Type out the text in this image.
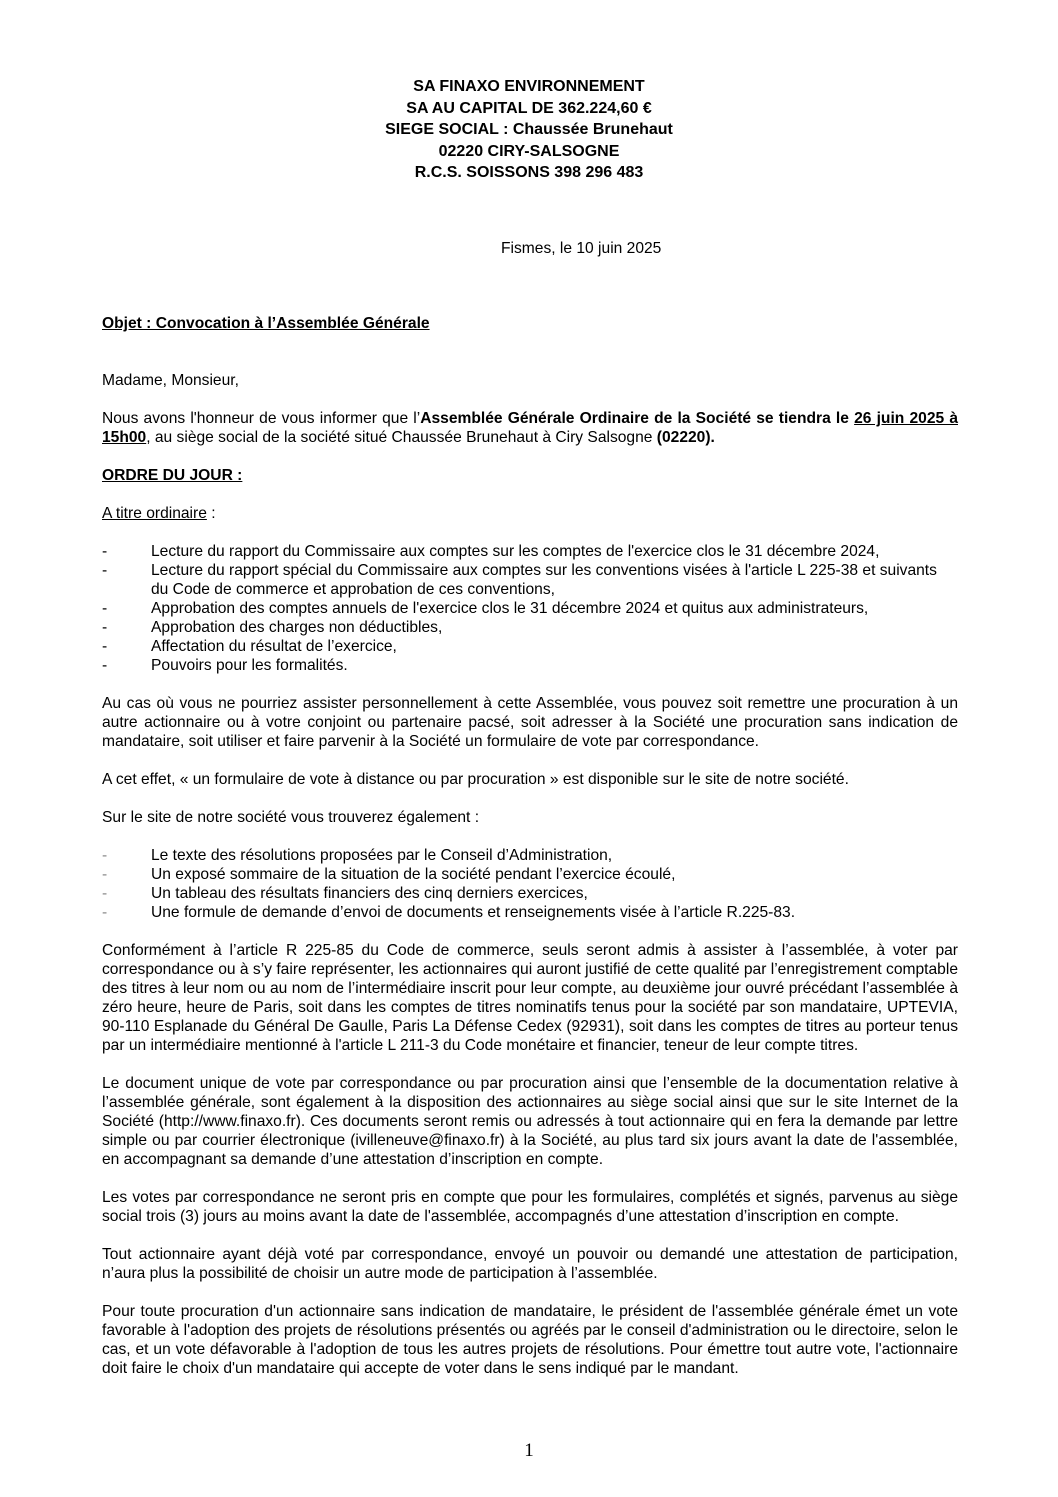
SA FINAXO ENVIRONNEMENT
SA AU CAPITAL DE 362.224,60 €
SIEGE SOCIAL : Chaussée Brunehaut
02220 CIRY-SALSOGNE
R.C.S. SOISSONS 398 296 483
Fismes, le 10 juin 2025

Objet : Convocation à l’Assemblée Générale

Madame, Monsieur,

Nous avons l'honneur de vous informer que l’Assemblée Générale Ordinaire de la Société se tiendra le 26 juin 2025 à 15h00, au siège social de la société situé Chaussée Brunehaut à Ciry Salsogne (02220).

ORDRE DU JOUR :

A titre ordinaire :

-	Lecture du rapport du Commissaire aux comptes sur les comptes de l'exercice clos le 31 décembre 2024,
-	Lecture du rapport spécial du Commissaire aux comptes sur les conventions visées à l'article L 225-38 et suivants du Code de commerce et approbation de ces conventions,
-	Approbation des comptes annuels de l'exercice clos le 31 décembre 2024 et quitus aux administrateurs,
-	Approbation des charges non déductibles,
-	Affectation du résultat de l’exercice,
-	Pouvoirs pour les formalités.

Au cas où vous ne pourriez assister personnellement à cette Assemblée, vous pouvez soit remettre une procuration à un autre actionnaire ou à votre conjoint ou partenaire pacsé, soit adresser à la Société une procuration sans indication de mandataire, soit utiliser et faire parvenir à la Société un formulaire de vote par correspondance.

A cet effet, « un formulaire de vote à distance ou par procuration » est disponible sur le site de notre société.

Sur le site de notre société vous trouverez également :

-	Le texte des résolutions proposées par le Conseil d’Administration,
-	Un exposé sommaire de la situation de la société pendant l’exercice écoulé,
-	Un tableau des résultats financiers des cinq derniers exercices,
-	Une formule de demande d’envoi de documents et renseignements visée à l’article R.225-83.

Conformément à l’article R 225-85 du Code de commerce, seuls seront admis à assister à l’assemblée, à voter par correspondance ou à s’y faire représenter, les actionnaires qui auront justifié de cette qualité par l’enregistrement comptable des titres à leur nom ou au nom de l’intermédiaire inscrit pour leur compte, au deuxième jour ouvré précédant l’assemblée à zéro heure, heure de Paris, soit dans les comptes de titres nominatifs tenus pour la société par son mandataire, UPTEVIA, 90-110 Esplanade du Général De Gaulle, Paris La Défense Cedex (92931), soit dans les comptes de titres au porteur tenus par un intermédiaire mentionné à l'article L 211-3 du Code monétaire et financier, teneur de leur compte titres.

Le document unique de vote par correspondance ou par procuration ainsi que l’ensemble de la documentation relative à l’assemblée générale, sont également à la disposition des actionnaires au siège social ainsi que sur le site Internet de la Société (http://www.finaxo.fr). Ces documents seront remis ou adressés à tout actionnaire qui en fera la demande par lettre simple ou par courrier électronique (ivilleneuve@finaxo.fr) à la Société, au plus tard six jours avant la date de l'assemblée, en accompagnant sa demande d’une attestation d’inscription en compte.

Les votes par correspondance ne seront pris en compte que pour les formulaires, complétés et signés, parvenus au siège social trois (3) jours au moins avant la date de l'assemblée, accompagnés d’une attestation d’inscription en compte.

Tout actionnaire ayant déjà voté par correspondance, envoyé un pouvoir ou demandé une attestation de participation, n’aura plus la possibilité de choisir un autre mode de participation à l’assemblée.

Pour toute procuration d'un actionnaire sans indication de mandataire, le président de l'assemblée générale émet un vote favorable à l'adoption des projets de résolutions présentés ou agréés par le conseil d'administration ou le directoire, selon le cas, et un vote défavorable à l'adoption de tous les autres projets de résolutions. Pour émettre tout autre vote, l'actionnaire doit faire le choix d'un mandataire qui accepte de voter dans le sens indiqué par le mandant.

1
